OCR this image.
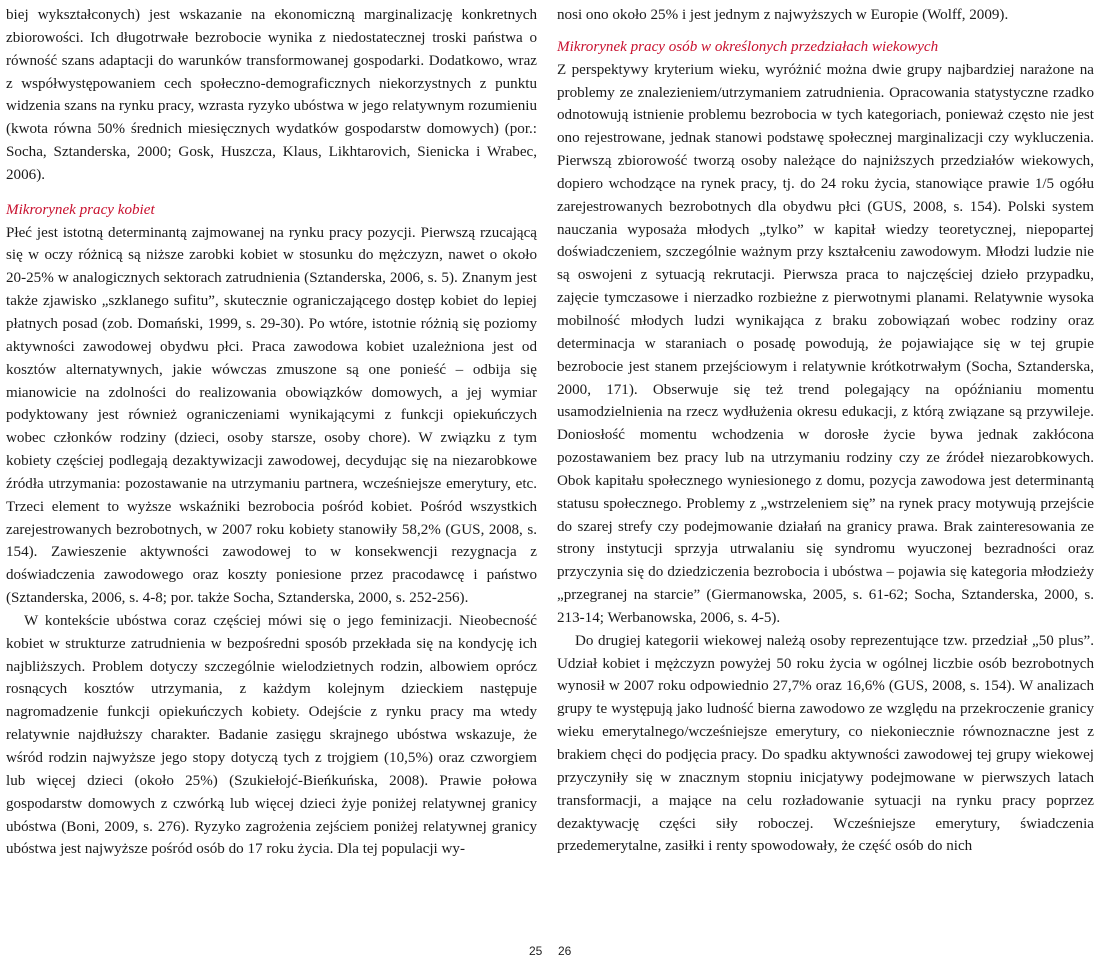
biej wykształconych) jest wskazanie na ekonomiczną marginalizację konkretnych zbiorowości. Ich długotrwałe bezrobocie wynika z niedostatecznej troski państwa o równość szans adaptacji do warunków transformowanej gospodarki. Dodatkowo, wraz z współwystępowaniem cech społeczno-demograficznych niekorzystnych z punktu widzenia szans na rynku pracy, wzrasta ryzyko ubóstwa w jego relatywnym rozumieniu (kwota równa 50% średnich miesięcznych wydatków gospodarstw domowych) (por.: Socha, Sztanderska, 2000; Gosk, Huszcza, Klaus, Likhtarovich, Sienicka i Wrabec, 2006).

Mikrorynek pracy kobiet

Płeć jest istotną determinantą zajmowanej na rynku pracy pozycji. Pierwszą rzucającą się w oczy różnicą są niższe zarobki kobiet w stosunku do mężczyzn, nawet o około 20-25% w analogicznych sektorach zatrudnienia (Sztanderska, 2006, s. 5). Znanym jest także zjawisko „szklanego sufitu”, skutecznie ograniczającego dostęp kobiet do lepiej płatnych posad (zob. Domański, 1999, s. 29-30). Po wtóre, istotnie różnią się poziomy aktywności zawodowej obydwu płci. Praca zawodowa kobiet uzależniona jest od kosztów alternatywnych, jakie wówczas zmuszone są one ponieść – odbija się mianowicie na zdolności do realizowania obowiązków domowych, a jej wymiar podyktowany jest również ograniczeniami wynikającymi z funkcji opiekuńczych wobec członków rodziny (dzieci, osoby starsze, osoby chore). W związku z tym kobiety częściej podlegają dezaktywizacji zawodowej, decydując się na niezarobkowe źródła utrzymania: pozostawanie na utrzymaniu partnera, wcześniejsze emerytury, etc. Trzeci element to wyższe wskaźniki bezrobocia pośród kobiet. Pośród wszystkich zarejestrowanych bezrobotnych, w 2007 roku kobiety stanowiły 58,2% (GUS, 2008, s. 154). Zawieszenie aktywności zawodowej to w konsekwencji rezygnacja z doświadczenia zawodowego oraz koszty poniesione przez pracodawcę i państwo (Sztanderska, 2006, s. 4-8; por. także Socha, Sztanderska, 2000, s. 252-256).

W kontekście ubóstwa coraz częściej mówi się o jego feminizacji. Nieobecność kobiet w strukturze zatrudnienia w bezpośredni sposób przekłada się na kondycję ich najbliższych. Problem dotyczy szczególnie wielodzietnych rodzin, albowiem oprócz rosnących kosztów utrzymania, z każdym kolejnym dzieckiem następuje nagromadzenie funkcji opiekuńczych kobiety. Odejście z rynku pracy ma wtedy relatywnie najdłuższy charakter. Badanie zasięgu skrajnego ubóstwa wskazuje, że wśród rodzin najwyższe jego stopy dotyczą tych z trojgiem (10,5%) oraz czworgiem lub więcej dzieci (około 25%) (Szukiełojć-Bieńkuńska, 2008). Prawie połowa gospodarstw domowych z czwórką lub więcej dzieci żyje poniżej relatywnej granicy ubóstwa (Boni, 2009, s. 276). Ryzyko zagrożenia zejściem poniżej relatywnej granicy ubóstwa jest najwyższe pośród osób do 17 roku życia. Dla tej populacji wy-

nosi ono około 25% i jest jednym z najwyższych w Europie (Wolff, 2009).

Mikrorynek pracy osób w określonych przedziałach wiekowych

Z perspektywy kryterium wieku, wyróżnić można dwie grupy najbardziej narażone na problemy ze znalezieniem/utrzymaniem zatrudnienia. Opracowania statystyczne rzadko odnotowują istnienie problemu bezrobocia w tych kategoriach, ponieważ często nie jest ono rejestrowane, jednak stanowi podstawę społecznej marginalizacji czy wykluczenia. Pierwszą zbiorowość tworzą osoby należące do najniższych przedziałów wiekowych, dopiero wchodzące na rynek pracy, tj. do 24 roku życia, stanowiące prawie 1/5 ogółu zarejestrowanych bezrobotnych dla obydwu płci (GUS, 2008, s. 154). Polski system nauczania wyposaża młodych „tylko” w kapitał wiedzy teoretycznej, niepopartej doświadczeniem, szczególnie ważnym przy kształceniu zawodowym. Młodzi ludzie nie są oswojeni z sytuacją rekrutacji. Pierwsza praca to najczęściej dzieło przypadku, zajęcie tymczasowe i nierzadko rozbieżne z pierwotnymi planami. Relatywnie wysoka mobilność młodych ludzi wynikająca z braku zobowiązań wobec rodziny oraz determinacja w staraniach o posadę powodują, że pojawiające się w tej grupie bezrobocie jest stanem przejściowym i relatywnie krótkotrwałym (Socha, Sztanderska, 2000, 171). Obserwuje się też trend polegający na opóźnianiu momentu usamodzielnienia na rzecz wydłużenia okresu edukacji, z którą związane są przywileje. Doniosłość momentu wchodzenia w dorosłe życie bywa jednak zakłócona pozostawaniem bez pracy lub na utrzymaniu rodziny czy ze źródeł niezarobkowych. Obok kapitału społecznego wyniesionego z domu, pozycja zawodowa jest determinantą statusu społecznego. Problemy z „wstrzeleniem się” na rynek pracy motywują przejście do szarej strefy czy podejmowanie działań na granicy prawa. Brak zainteresowania ze strony instytucji sprzyja utrwalaniu się syndromu wyuczonej bezradności oraz przyczynia się do dziedziczenia bezrobocia i ubóstwa – pojawia się kategoria młodzieży „przegranej na starcie” (Giermanowska, 2005, s. 61-62; Socha, Sztanderska, 2000, s. 213-14; Werbanowska, 2006, s. 4-5).

Do drugiej kategorii wiekowej należą osoby reprezentujące tzw. przedział „50 plus”. Udział kobiet i mężczyzn powyżej 50 roku życia w ogólnej liczbie osób bezrobotnych wynosił w 2007 roku odpowiednio 27,7% oraz 16,6% (GUS, 2008, s. 154). W analizach grupy te występują jako ludność bierna zawodowo ze względu na przekroczenie granicy wieku emerytalnego/wcześniejsze emerytury, co niekoniecznie równoznaczne jest z brakiem chęci do podjęcia pracy. Do spadku aktywności zawodowej tej grupy wiekowej przyczyniły się w znacznym stopniu inicjatywy podejmowane w pierwszych latach transformacji, a mające na celu rozładowanie sytuacji na rynku pracy poprzez dezaktywację części siły roboczej. Wcześniejsze emerytury, świadczenia przedemerytalne, zasiłki i renty spowodowały, że część osób do nich

25 26
